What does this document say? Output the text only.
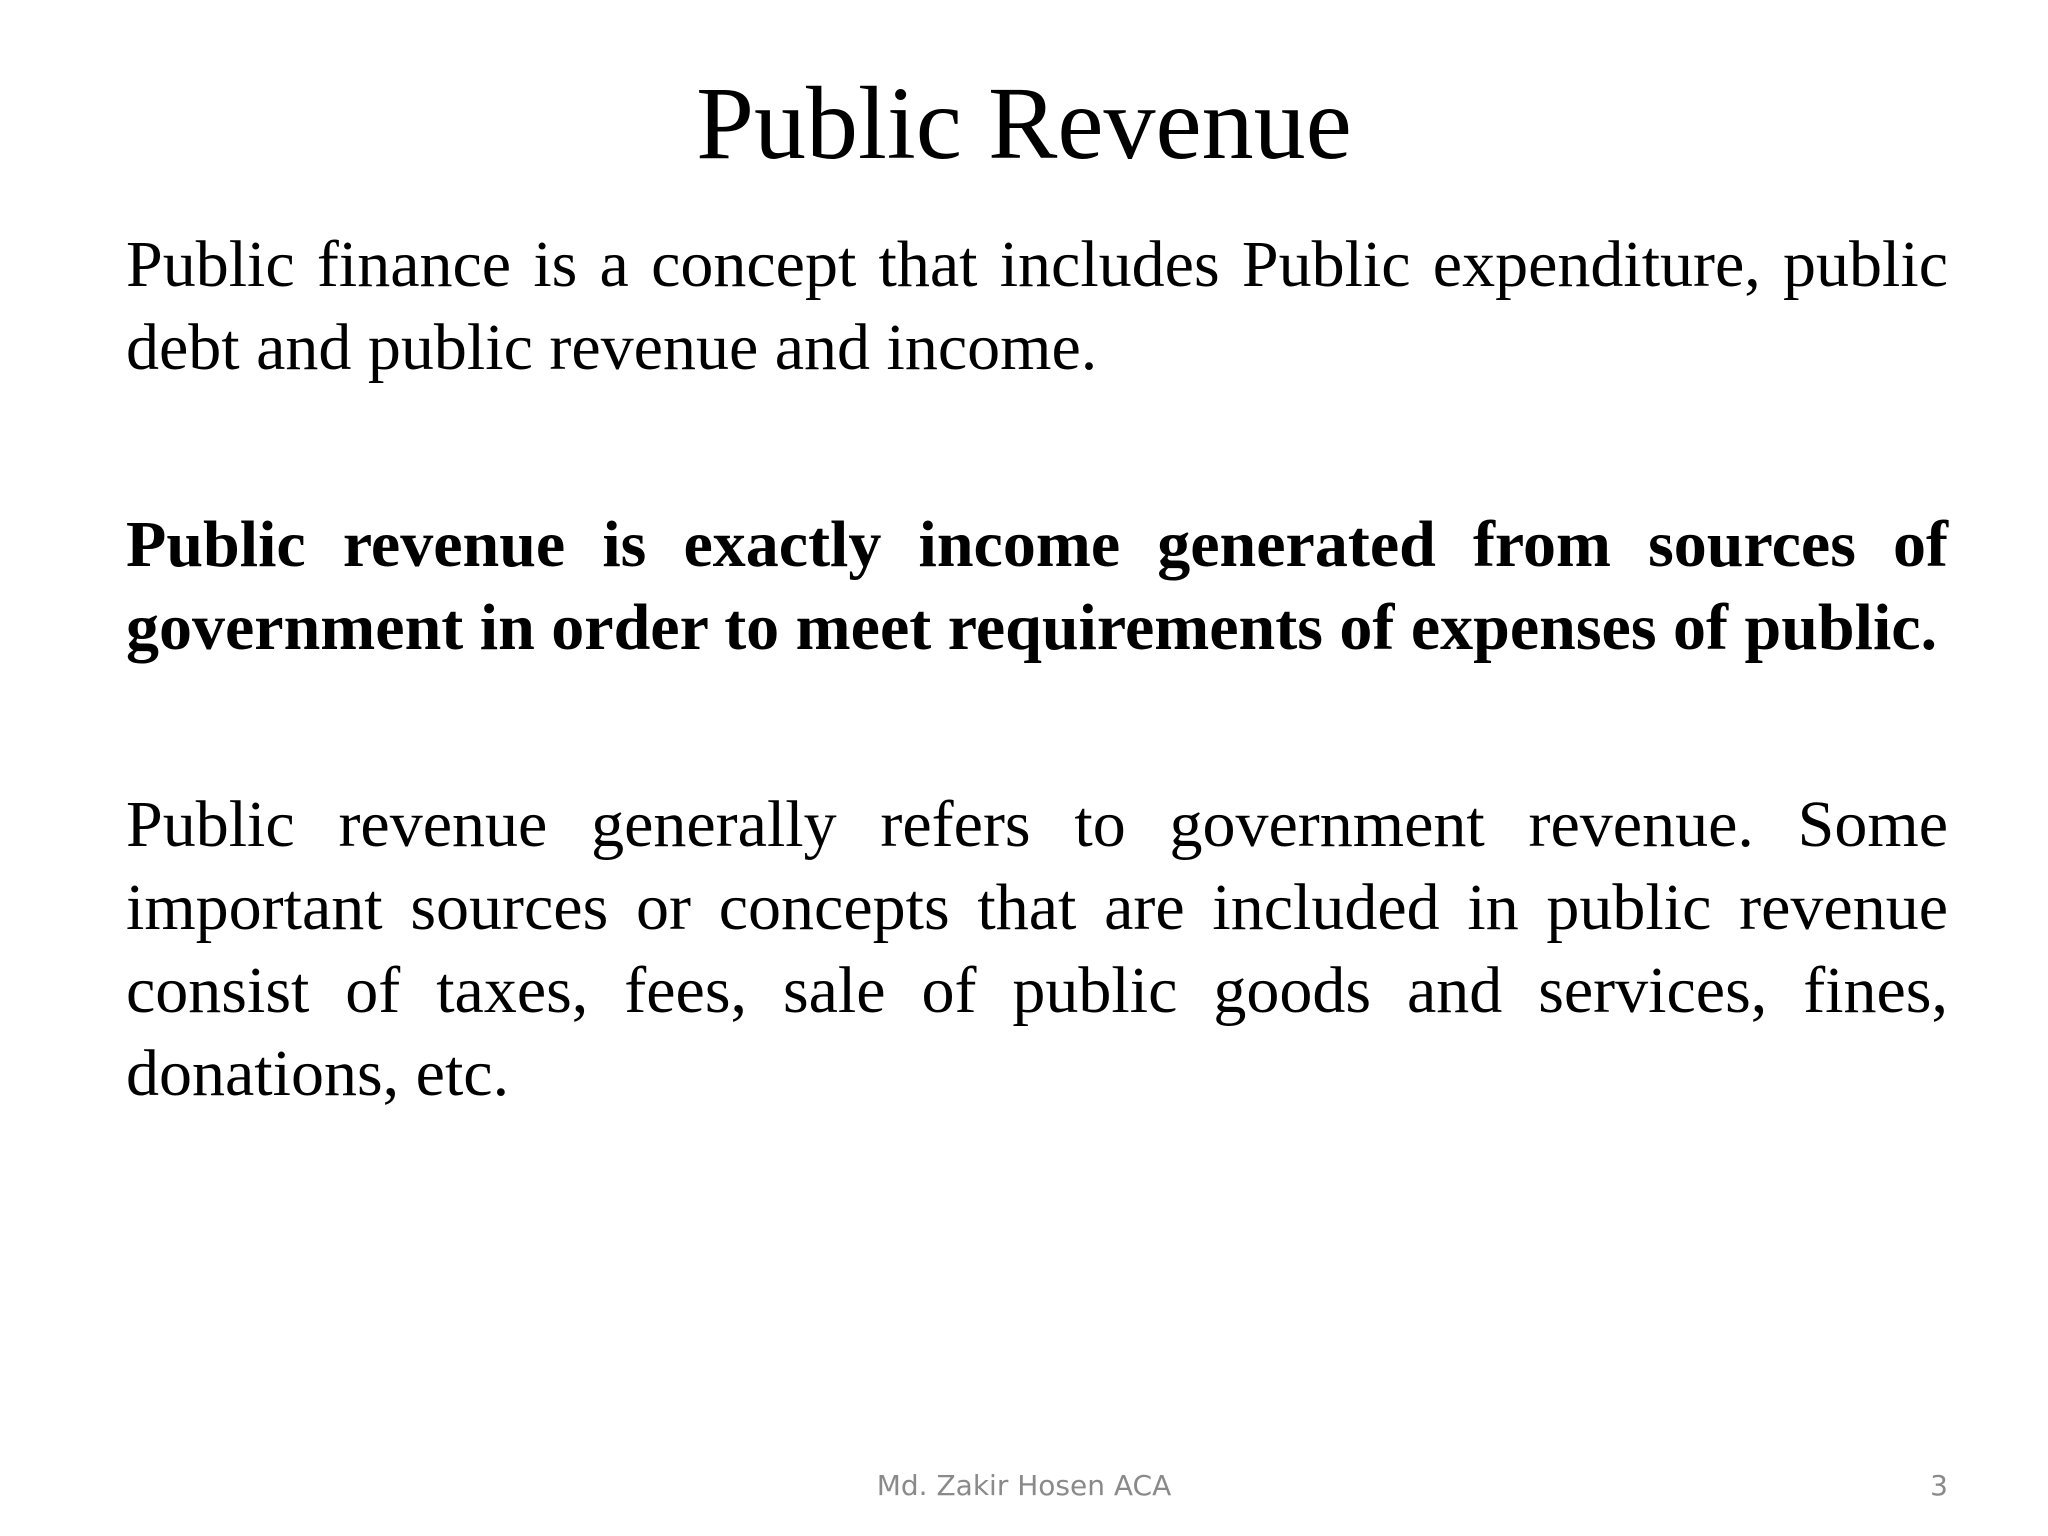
Public Revenue

Public finance is a concept that includes Public expenditure, public debt and public revenue and income.

Public revenue is exactly income generated from sources of government in order to meet requirements of expenses of public.

Public revenue generally refers to government revenue. Some important sources or concepts that are included in public revenue consist of taxes, fees, sale of public goods and services, fines, donations, etc.

Md. Zakir Hosen ACA	3
